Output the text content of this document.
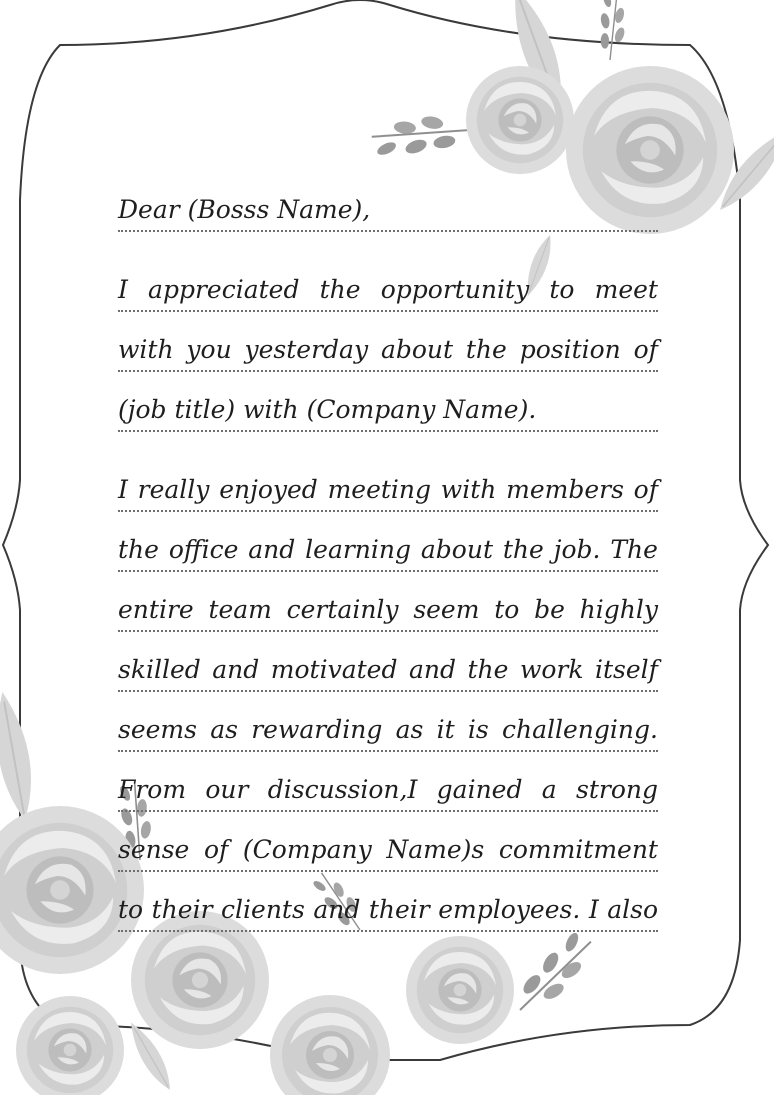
Dear (Bosss Name),
I appreciated the opportunity to meet
with you yesterday about the position of
(job title) with (Company Name).
I really enjoyed meeting with members of
the office and learning about the job. The
entire team certainly seem to be highly
skilled and motivated and the work itself
seems as rewarding as it is challenging.
From our discussion,I gained a strong
sense of (Company Name)s commitment
to their clients and their employees. I also
